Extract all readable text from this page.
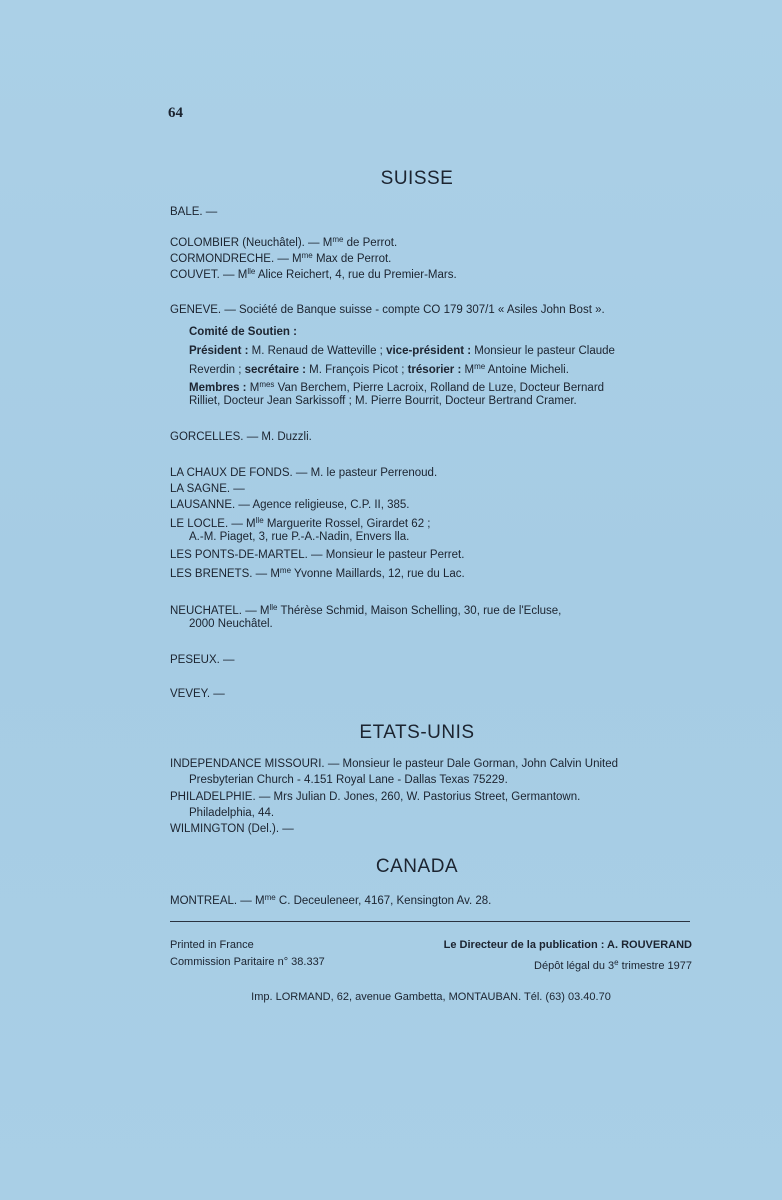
64
SUISSE

BALE. —

COLOMBIER (Neuchâtel). — $M^{me}$ de Perrot.

CORMONDRECHE. — $M^{me}$ Max de Perrot.

COUVET. — $M^{lle}$ Alice Reichert, 4, rue du Premier-Mars.

GENEVE. — Société de Banque suisse - compte CO 179 307/1 « Asiles John Bost ».

Comité de Soutien :

Président : M. Renaud de Watteville ; vice-président : Monsieur le pasteur Claude

Reverdin ; secrétaire : M. François Picot ; trésorier : $M^{me}$ Antoine Micheli.

Membres : $M^{mes}$ Van Berchem, Pierre Lacroix, Rolland de Luze, Docteur Bernard

Rilliet, Docteur Jean Sarkissoff ; M. Pierre Bourrit, Docteur Bertrand Cramer.

GORCELLES. — M. Duzzli.

LA CHAUX DE FONDS. — M. le pasteur Perrenoud.

LA SAGNE. —

LAUSANNE. — Agence religieuse, C.P. II, 385.

LE LOCLE. — $M^{lle}$ Marguerite Rossel, Girardet 62 ;

A.-M. Piaget, 3, rue P.-A.-Nadin, Envers lla.

LES PONTS-DE-MARTEL. — Monsieur le pasteur Perret.

LES BRENETS. — $M^{me}$ Yvonne Maillards, 12, rue du Lac.

NEUCHATEL. — $M^{lle}$ Thérèse Schmid, Maison Schelling, 30, rue de l'Ecluse,

2000 Neuchâtel.

PESEUX. —

VEVEY. —

ETATS-UNIS

INDEPENDANCE MISSOURI. — Monsieur le pasteur Dale Gorman, John Calvin United

Presbyterian Church - 4.151 Royal Lane - Dallas Texas 75229.

PHILADELPHIE. — Mrs Julian D. Jones, 260, W. Pastorius Street, Germantown.

Philadelphia, 44.

WILMINGTON (Del.). —

CANADA

MONTREAL. — $M^{me}$ C. Deceuleneer, 4167, Kensington Av. 28.

Printed in France
Commission Paritaire n° 38.337
Le Directeur de la publication : A. ROUVERAND
Dépôt légal du 3e trimestre 1977
Imp. LORMAND, 62, avenue Gambetta, MONTAUBAN. Tél. (63) 03.40.70
